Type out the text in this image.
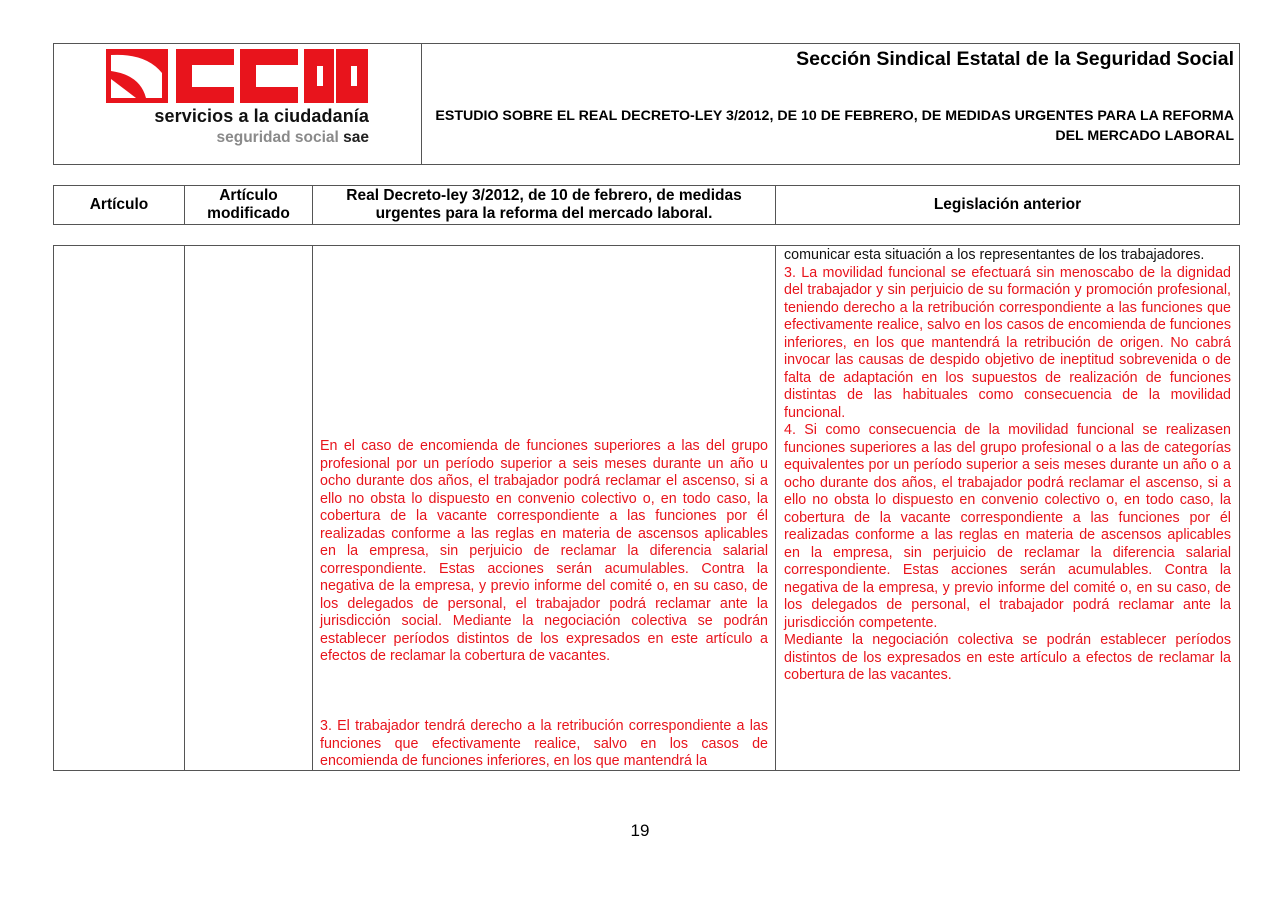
servicios a la ciudadanía
seguridad social sae
Sección Sindical Estatal de la Seguridad Social
ESTUDIO SOBRE EL REAL DECRETO-LEY 3/2012, DE 10 DE FEBRERO, DE MEDIDAS URGENTES PARA LA REFORMA DEL MERCADO LABORAL
Artículo
Artículo modificado
Real Decreto-ley 3/2012, de 10 de febrero, de medidas urgentes para la reforma del mercado laboral.
Legislación anterior

En el caso de encomienda de funciones superiores a las del grupo profesional por un período superior a seis meses durante un año u ocho durante dos años, el trabajador podrá reclamar el ascenso, si a ello no obsta lo dispuesto en convenio colectivo o, en todo caso, la cobertura de la vacante correspondiente a las funciones por él realizadas conforme a las reglas en materia de ascensos aplicables en la empresa, sin perjuicio de reclamar la diferencia salarial correspondiente. Estas acciones serán acumulables. Contra la negativa de la empresa, y previo informe del comité o, en su caso, de los delegados de personal, el trabajador podrá reclamar ante la jurisdicción social. Mediante la negociación colectiva se podrán establecer períodos distintos de los expresados en este artículo a efectos de reclamar la cobertura de vacantes.

3. El trabajador tendrá derecho a la retribución correspondiente a las funciones que efectivamente realice, salvo en los casos de encomienda de funciones inferiores, en los que mantendrá la

comunicar esta situación a los representantes de los trabajadores.

3. La movilidad funcional se efectuará sin menoscabo de la dignidad del trabajador y sin perjuicio de su formación y promoción profesional, teniendo derecho a la retribución correspondiente a las funciones que efectivamente realice, salvo en los casos de encomienda de funciones inferiores, en los que mantendrá la retribución de origen. No cabrá invocar las causas de despido objetivo de ineptitud sobrevenida o de falta de adaptación en los supuestos de realización de funciones distintas de las habituales como consecuencia de la movilidad funcional.

4. Si como consecuencia de la movilidad funcional se realizasen funciones superiores a las del grupo profesional o a las de categorías equivalentes por un período superior a seis meses durante un año o a ocho durante dos años, el trabajador podrá reclamar el ascenso, si a ello no obsta lo dispuesto en convenio colectivo o, en todo caso, la cobertura de la vacante correspondiente a las funciones por él realizadas conforme a las reglas en materia de ascensos aplicables en la empresa, sin perjuicio de reclamar la diferencia salarial correspondiente. Estas acciones serán acumulables. Contra la negativa de la empresa, y previo informe del comité o, en su caso, de los delegados de personal, el trabajador podrá reclamar ante la jurisdicción competente.

Mediante la negociación colectiva se podrán establecer períodos distintos de los expresados en este artículo a efectos de reclamar la cobertura de las vacantes.

19
